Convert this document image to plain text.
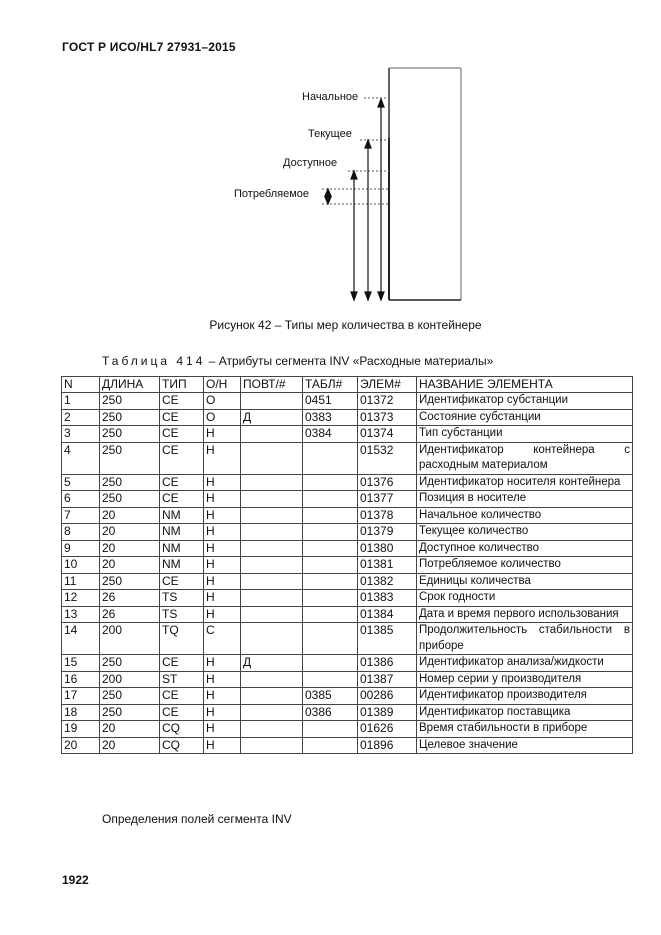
ГОСТ Р ИСО/HL7 27931–2015
Начальное
Текущее
Доступное
Потребляемое
Рисунок 42 – Типы мер количества в контейнере
Таблица 414 – Атрибуты сегмента INV «Расходные материалы»
N	ДЛИНА	ТИП	О/Н	ПОВТ/#	ТАБЛ#	ЭЛЕМ#	НАЗВАНИЕ ЭЛЕМЕНТА
1	250	CE	О		0451	01372	Идентификатор субстанции
2	250	CE	О	Д	0383	01373	Состояние субстанции
3	250	CE	Н		0384	01374	Тип субстанции
4	250	CE	Н			01532	Идентификатор контейнера с расходным материалом
5	250	CE	Н			01376	Идентификатор носителя контейнера
6	250	CE	Н			01377	Позиция в носителе
7	20	NM	Н			01378	Начальное количество
8	20	NM	Н			01379	Текущее количество
9	20	NM	Н			01380	Доступное количество
10	20	NM	Н			01381	Потребляемое количество
11	250	CE	Н			01382	Единицы количества
12	26	TS	Н			01383	Срок годности
13	26	TS	Н			01384	Дата и время первого использования
14	200	TQ	С			01385	Продолжительность стабильности в приборе
15	250	CE	Н	Д		01386	Идентификатор анализа/жидкости
16	200	ST	Н			01387	Номер серии у производителя
17	250	CE	Н		0385	00286	Идентификатор производителя
18	250	CE	Н		0386	01389	Идентификатор поставщика
19	20	CQ	Н			01626	Время стабильности в приборе
20	20	CQ	Н			01896	Целевое значение
Определения полей сегмента INV
1922
